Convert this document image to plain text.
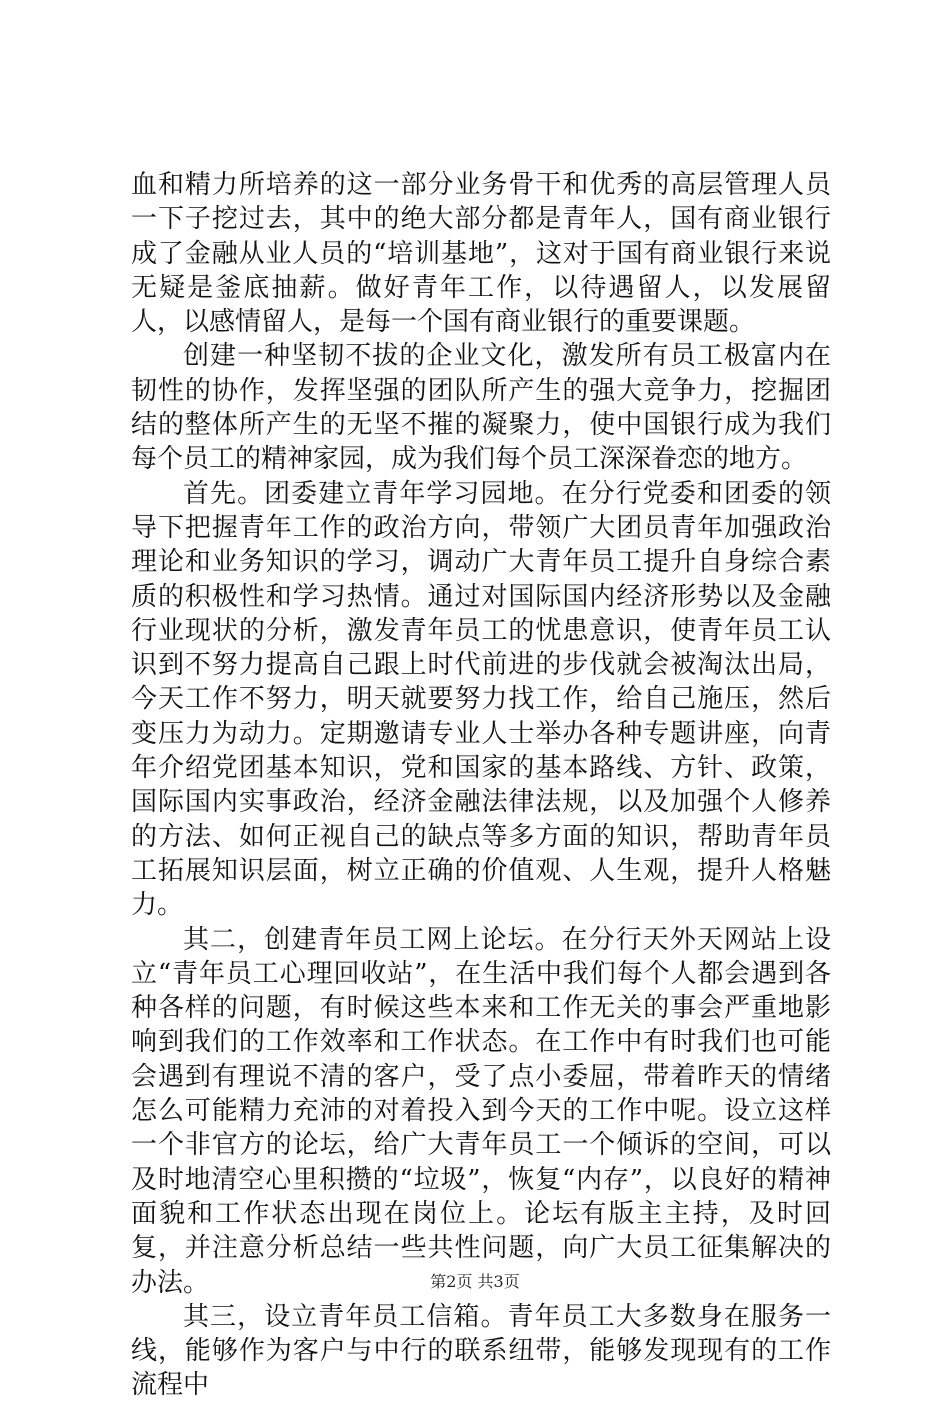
血和精力所培养的这一部分业务骨干和优秀的高层管理人员一下子挖过去，其中的绝大部分都是青年人，国有商业银行成了金融从业人员的“培训基地”，这对于国有商业银行来说无疑是釜底抽薪。做好青年工作，以待遇留人，以发展留人，以感情留人，是每一个国有商业银行的重要课题。

创建一种坚韧不拔的企业文化，激发所有员工极富内在韧性的协作，发挥坚强的团队所产生的强大竞争力，挖掘团结的整体所产生的无坚不摧的凝聚力，使中国银行成为我们每个员工的精神家园，成为我们每个员工深深眷恋的地方。

首先。团委建立青年学习园地。在分行党委和团委的领导下把握青年工作的政治方向，带领广大团员青年加强政治理论和业务知识的学习，调动广大青年员工提升自身综合素质的积极性和学习热情。通过对国际国内经济形势以及金融行业现状的分析，激发青年员工的忧患意识，使青年员工认识到不努力提高自己跟上时代前进的步伐就会被淘汰出局，今天工作不努力，明天就要努力找工作，给自己施压，然后变压力为动力。定期邀请专业人士举办各种专题讲座，向青年介绍党团基本知识，党和国家的基本路线、方针、政策，国际国内实事政治，经济金融法律法规，以及加强个人修养的方法、如何正视自己的缺点等多方面的知识，帮助青年员工拓展知识层面，树立正确的价值观、人生观，提升人格魅力。

其二，创建青年员工网上论坛。在分行天外天网站上设立“青年员工心理回收站”，在生活中我们每个人都会遇到各种各样的问题，有时候这些本来和工作无关的事会严重地影响到我们的工作效率和工作状态。在工作中有时我们也可能会遇到有理说不清的客户，受了点小委屈，带着昨天的情绪怎么可能精力充沛的对着投入到今天的工作中呢。设立这样一个非官方的论坛，给广大青年员工一个倾诉的空间，可以及时地清空心里积攒的“垃圾”，恢复“内存”，以良好的精神面貌和工作状态出现在岗位上。论坛有版主主持，及时回复，并注意分析总结一些共性问题，向广大员工征集解决的办法。

其三，设立青年员工信箱。青年员工大多数身在服务一线，能够作为客户与中行的联系纽带，能够发现现有的工作流程中

第2页 共3页
